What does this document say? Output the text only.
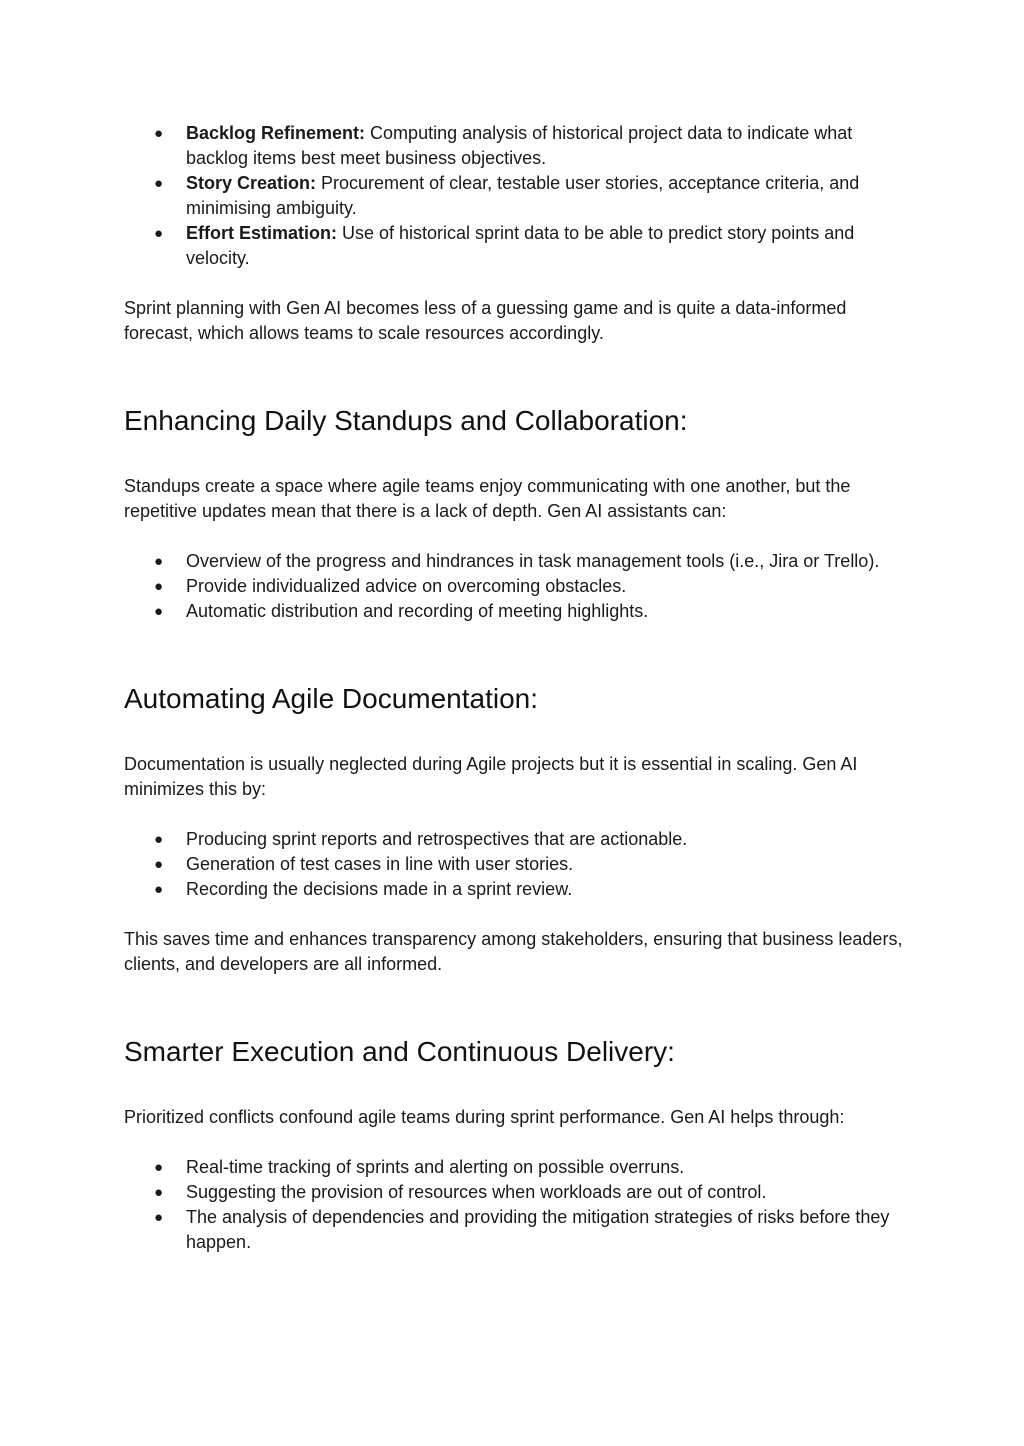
● Backlog Refinement: Computing analysis of historical project data to indicate what backlog items best meet business objectives.
● Story Creation: Procurement of clear, testable user stories, acceptance criteria, and minimising ambiguity.
● Effort Estimation: Use of historical sprint data to be able to predict story points and velocity.

Sprint planning with Gen AI becomes less of a guessing game and is quite a data-informed forecast, which allows teams to scale resources accordingly.

Enhancing Daily Standups and Collaboration:

Standups create a space where agile teams enjoy communicating with one another, but the repetitive updates mean that there is a lack of depth. Gen AI assistants can:

● Overview of the progress and hindrances in task management tools (i.e., Jira or Trello).
● Provide individualized advice on overcoming obstacles.
● Automatic distribution and recording of meeting highlights.
Automating Agile Documentation:

Documentation is usually neglected during Agile projects but it is essential in scaling. Gen AI minimizes this by:

● Producing sprint reports and retrospectives that are actionable.
● Generation of test cases in line with user stories.
● Recording the decisions made in a sprint review.

This saves time and enhances transparency among stakeholders, ensuring that business leaders, clients, and developers are all informed.

Smarter Execution and Continuous Delivery:

Prioritized conflicts confound agile teams during sprint performance. Gen AI helps through:

● Real-time tracking of sprints and alerting on possible overruns.
● Suggesting the provision of resources when workloads are out of control.
● The analysis of dependencies and providing the mitigation strategies of risks before they happen.
